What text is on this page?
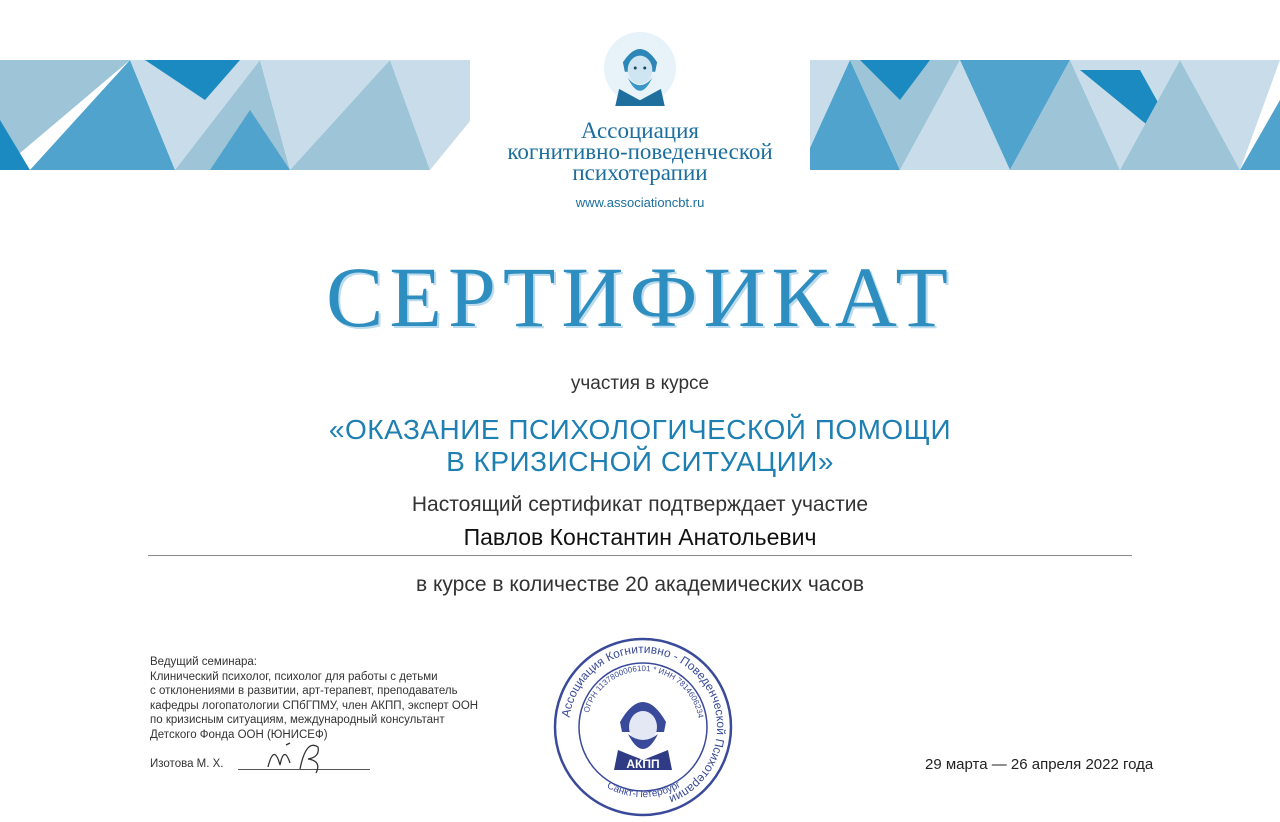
Ассоциация
когнитивно-поведенческой
психотерапии
www.associationcbt.ru
СЕРТИФИКАТ
участия в курсе
«ОКАЗАНИЕ ПСИХОЛОГИЧЕСКОЙ ПОМОЩИ
В КРИЗИСНОЙ СИТУАЦИИ»
Настоящий сертификат подтверждает участие
Павлов Константин Анатольевич
в курсе в количестве 20 академических часов
Ведущий семинара:
Клинический психолог, психолог для работы с детьми
с отклонениями в развитии, арт-терапевт, преподаватель
кафедры логопатологии СПбГПМУ, член АКПП, эксперт ООН
по кризисным ситуациям, международный консультант
Детского Фонда ООН (ЮНИСЕФ)
Изотова М. Х.
Ассоциация Когнитивно - Поведенческой Психотерапии
ОГРН 1137800006101 * ИНН 7814606234
Санкт-Петербург
АКПП	29 марта — 26 апреля 2022 года
